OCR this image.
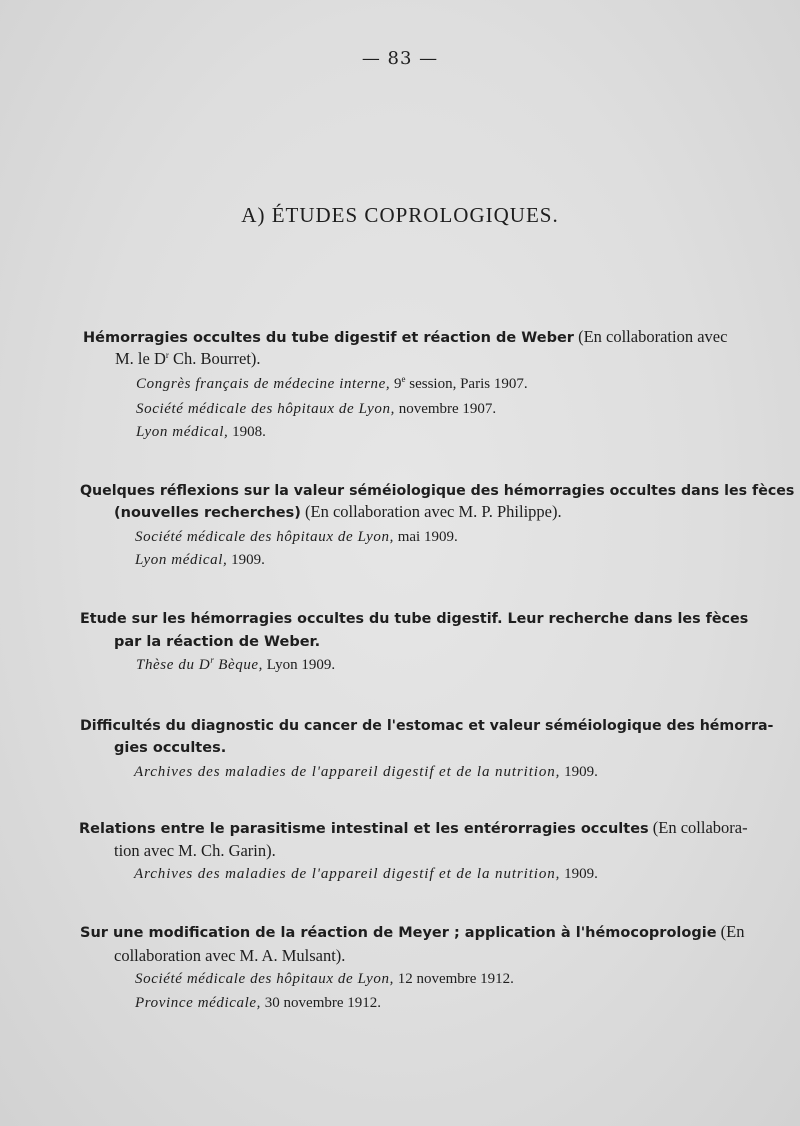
— 83 —
A) ÉTUDES COPROLOGIQUES.
Hémorragies occultes du tube digestif et réaction de Weber (En collaboration avec
M. le $D^r$ Ch. Bourret).
Congrès français de médecine interne, 9e session, Paris 1907.
Société médicale des hôpitaux de Lyon, novembre 1907.
Lyon médical, 1908.
Quelques réflexions sur la valeur séméiologique des hémorragies occultes dans les fèces
(nouvelles recherches) (En collaboration avec M. P. Philippe).
Société médicale des hôpitaux de Lyon, mai 1909.
Lyon médical, 1909.
Etude sur les hémorragies occultes du tube digestif. Leur recherche dans les fèces
par la réaction de Weber.
Thèse du $D^r$ Bèque, Lyon 1909.
Difficultés du diagnostic du cancer de l'estomac et valeur séméiologique des hémorra-
gies occultes.
Archives des maladies de l'appareil digestif et de la nutrition, 1909.
Relations entre le parasitisme intestinal et les entérorragies occultes (En collabora-
tion avec M. Ch. Garin).
Archives des maladies de l'appareil digestif et de la nutrition, 1909.
Sur une modification de la réaction de Meyer ; application à l'hémocoprologie (En
collaboration avec M. A. Mulsant).
Société médicale des hôpitaux de Lyon, 12 novembre 1912.
Province médicale, 30 novembre 1912.
